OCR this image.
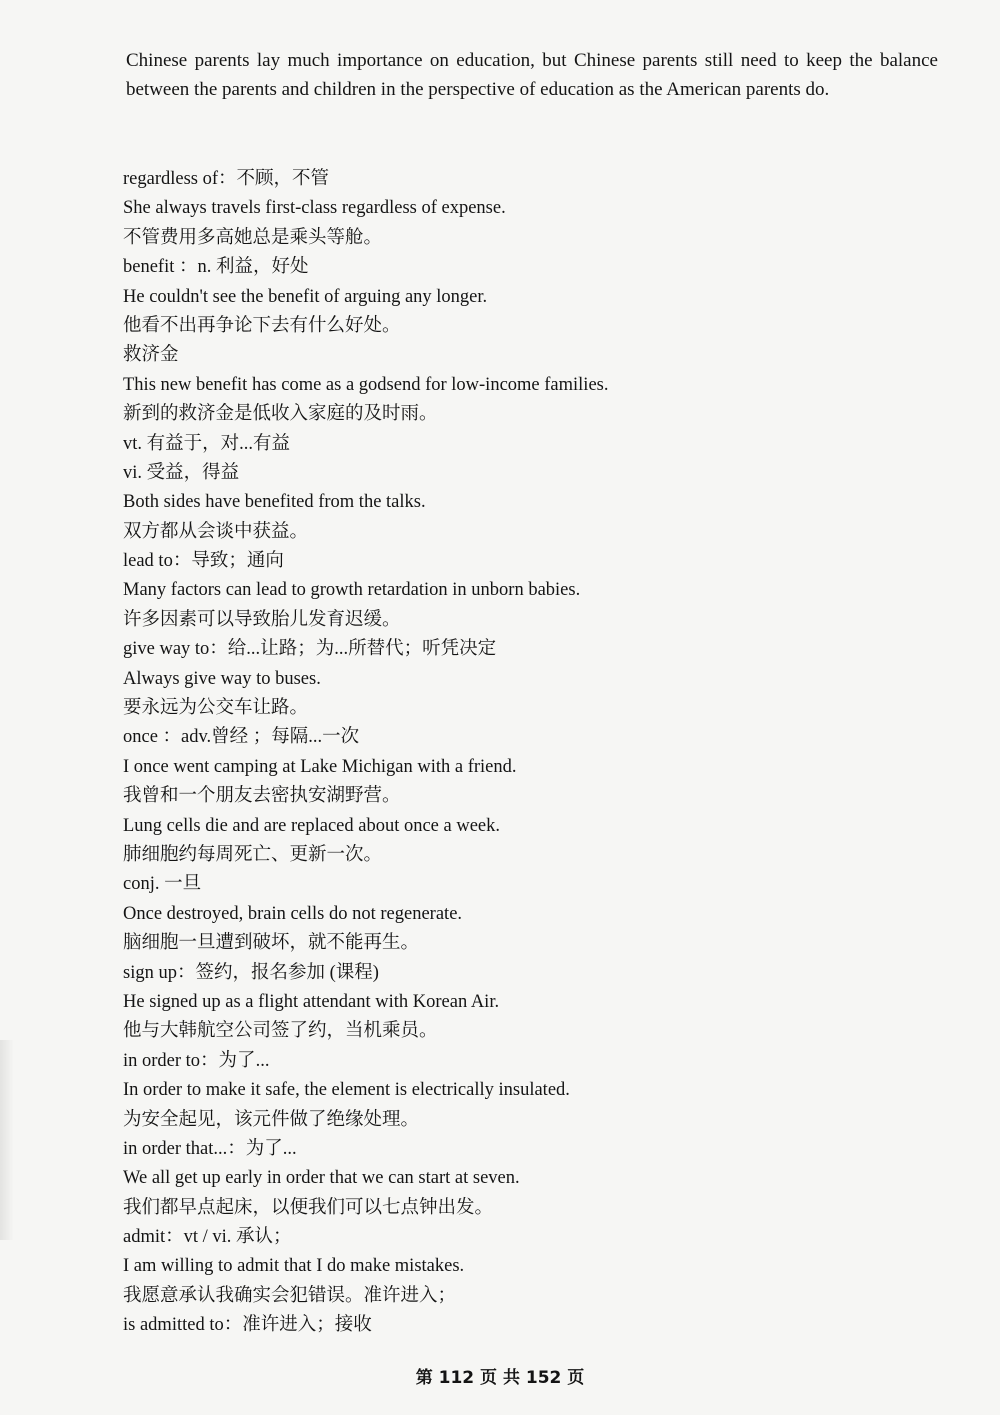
Chinese parents lay much importance on education, but Chinese parents still need to keep the balance between the parents and children in the perspective of education as the American parents do.
regardless of：不顾，不管
She always travels first-class regardless of expense.
不管费用多高她总是乘头等舱。
benefit ：n. 利益，好处
He couldn't see the benefit of arguing any longer.
他看不出再争论下去有什么好处。
救济金
This new benefit has come as a godsend for low-income families.
新到的救济金是低收入家庭的及时雨。
vt. 有益于，对...有益
vi. 受益，得益
Both sides have benefited from the talks.
双方都从会谈中获益。
lead to：导致；通向
Many factors can lead to growth retardation in unborn babies.
许多因素可以导致胎儿发育迟缓。
give way to：给...让路；为...所替代；听凭决定
Always give way to buses.
要永远为公交车让路。
once ：adv.曾经 ；每隔...一次
I once went camping at Lake Michigan with a friend.
我曾和一个朋友去密执安湖野营。
Lung cells die and are replaced about once a week.
肺细胞约每周死亡、更新一次。
conj. 一旦
Once destroyed, brain cells do not regenerate.
脑细胞一旦遭到破坏，就不能再生。
sign up：签约，报名参加 (课程)
He signed up as a flight attendant with Korean Air.
他与大韩航空公司签了约，当机乘员。
in order to：为了...
In order to make it safe, the element is electrically insulated.
为安全起见，该元件做了绝缘处理。
in order that...：为了...
We all get up early in order that we can start at seven.
我们都早点起床，以便我们可以七点钟出发。
admit：vt / vi. 承认；
I am willing to admit that I do make mistakes.
我愿意承认我确实会犯错误。准许进入；
is admitted to：准许进入；接收
第 112 页 共 152 页
